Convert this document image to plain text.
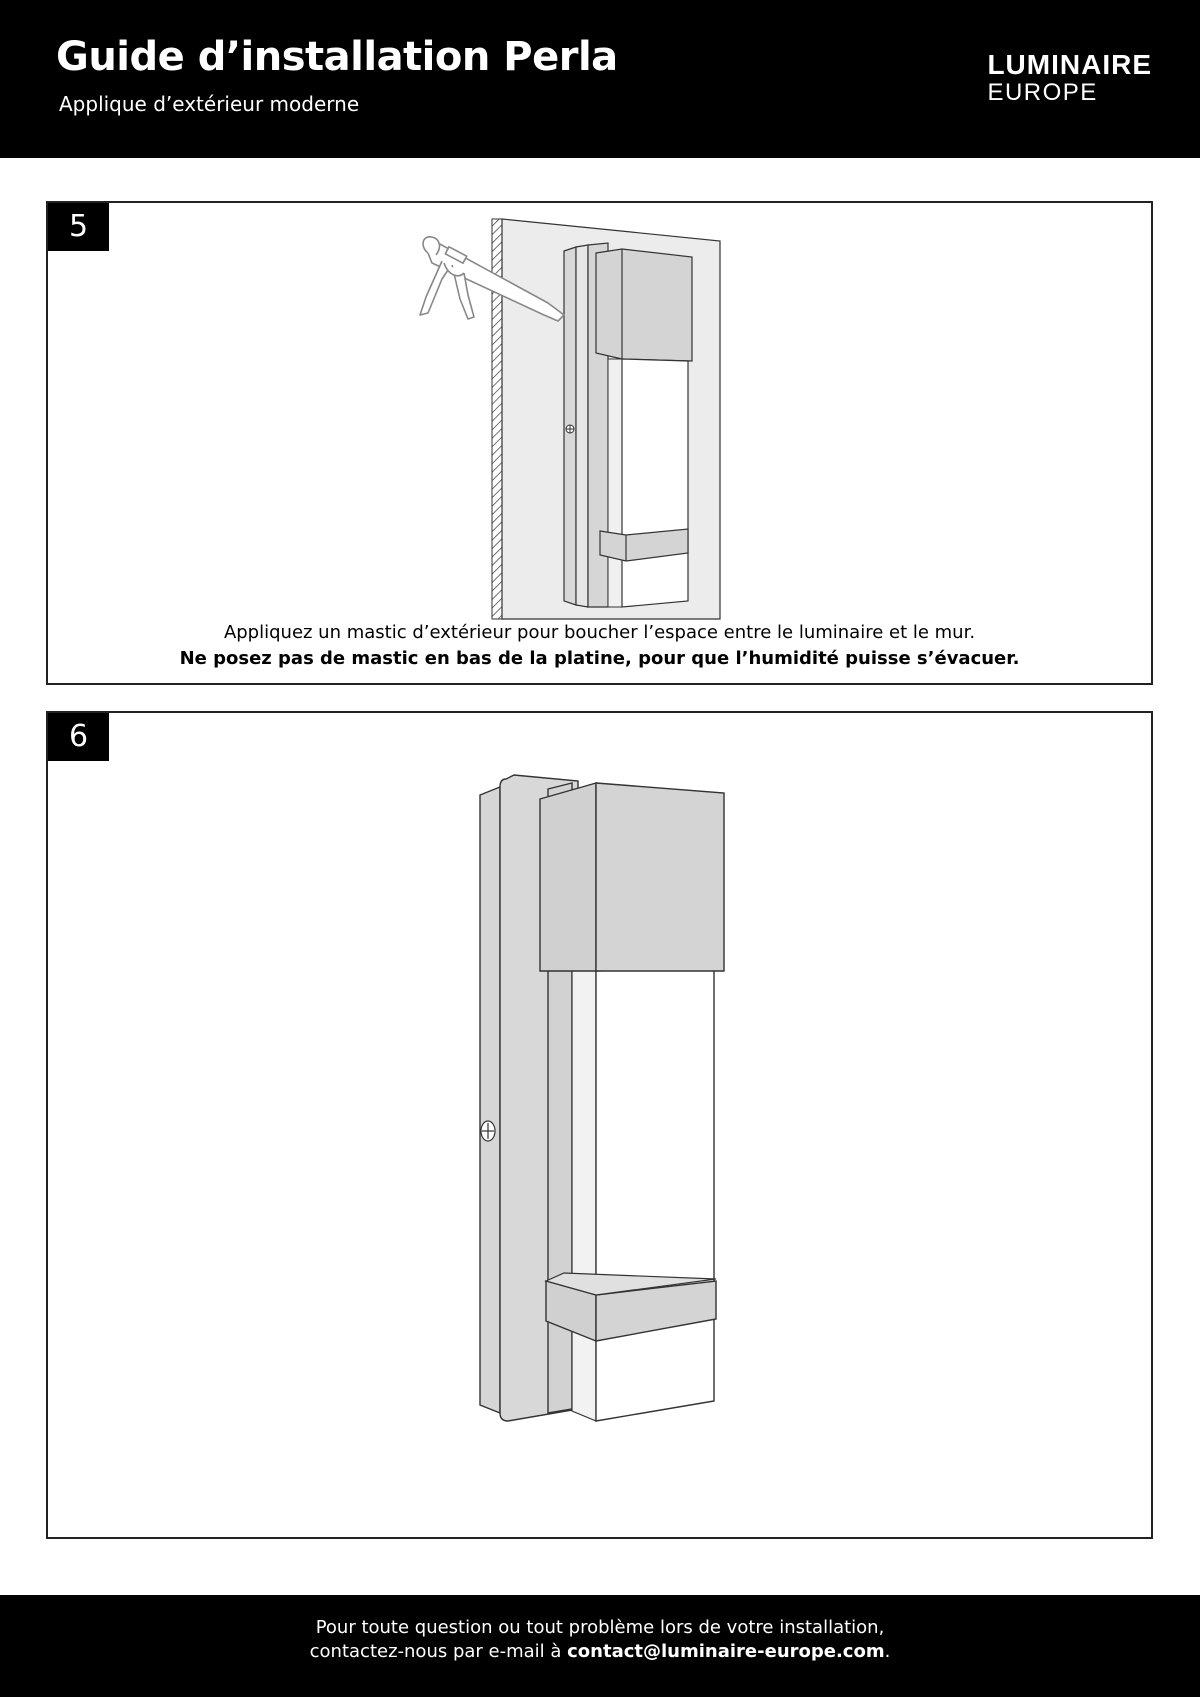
Guide d’installation Perla
Applique d’extérieur moderne
LUMINAIRE
EUROPE
5
Appliquez un mastic d’extérieur pour boucher l’espace entre le luminaire et le mur.
Ne posez pas de mastic en bas de la platine, pour que l’humidité puisse s’évacuer.
6
Pour toute question ou tout problème lors de votre installation,
contactez-nous par e-mail à contact@luminaire-europe.com.
